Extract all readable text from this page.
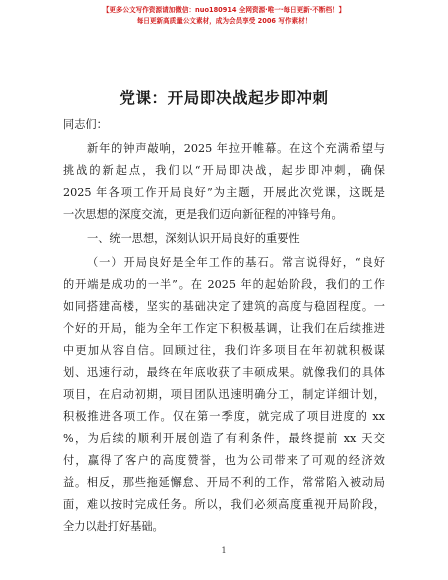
【更多公文写作资源请加微信：nuo180914 全网资源·唯一·每日更新·不断档！】
每日更新高质量公文素材，成为会员享受 2006 写作素材！
党课：开局即决战起步即冲刺
同志们：
新年的钟声敲响，2025 年拉开帷幕。在这个充满希望与
挑战的新起点，我们以“开局即决战，起步即冲刺，确保
2025 年各项工作开局良好”为主题，开展此次党课，这既是
一次思想的深度交流，更是我们迈向新征程的冲锋号角。
一、统一思想，深刻认识开局良好的重要性
（一）开局良好是全年工作的基石。常言说得好，“良好
的开端是成功的一半”。在 2025 年的起始阶段，我们的工作
如同搭建高楼，坚实的基础决定了建筑的高度与稳固程度。一
个好的开局，能为全年工作定下积极基调，让我们在后续推进
中更加从容自信。回顾过往，我们许多项目在年初就积极谋
划、迅速行动，最终在年底收获了丰硕成果。就像我们的具体
项目，在启动初期，项目团队迅速明确分工，制定详细计划，
积极推进各项工作。仅在第一季度，就完成了项目进度的 xx
%，为后续的顺利开展创造了有利条件，最终提前 xx 天交
付，赢得了客户的高度赞誉，也为公司带来了可观的经济效
益。相反，那些拖延懈怠、开局不利的工作，常常陷入被动局
面，难以按时完成任务。所以，我们必须高度重视开局阶段，
全力以赴打好基础。
1
